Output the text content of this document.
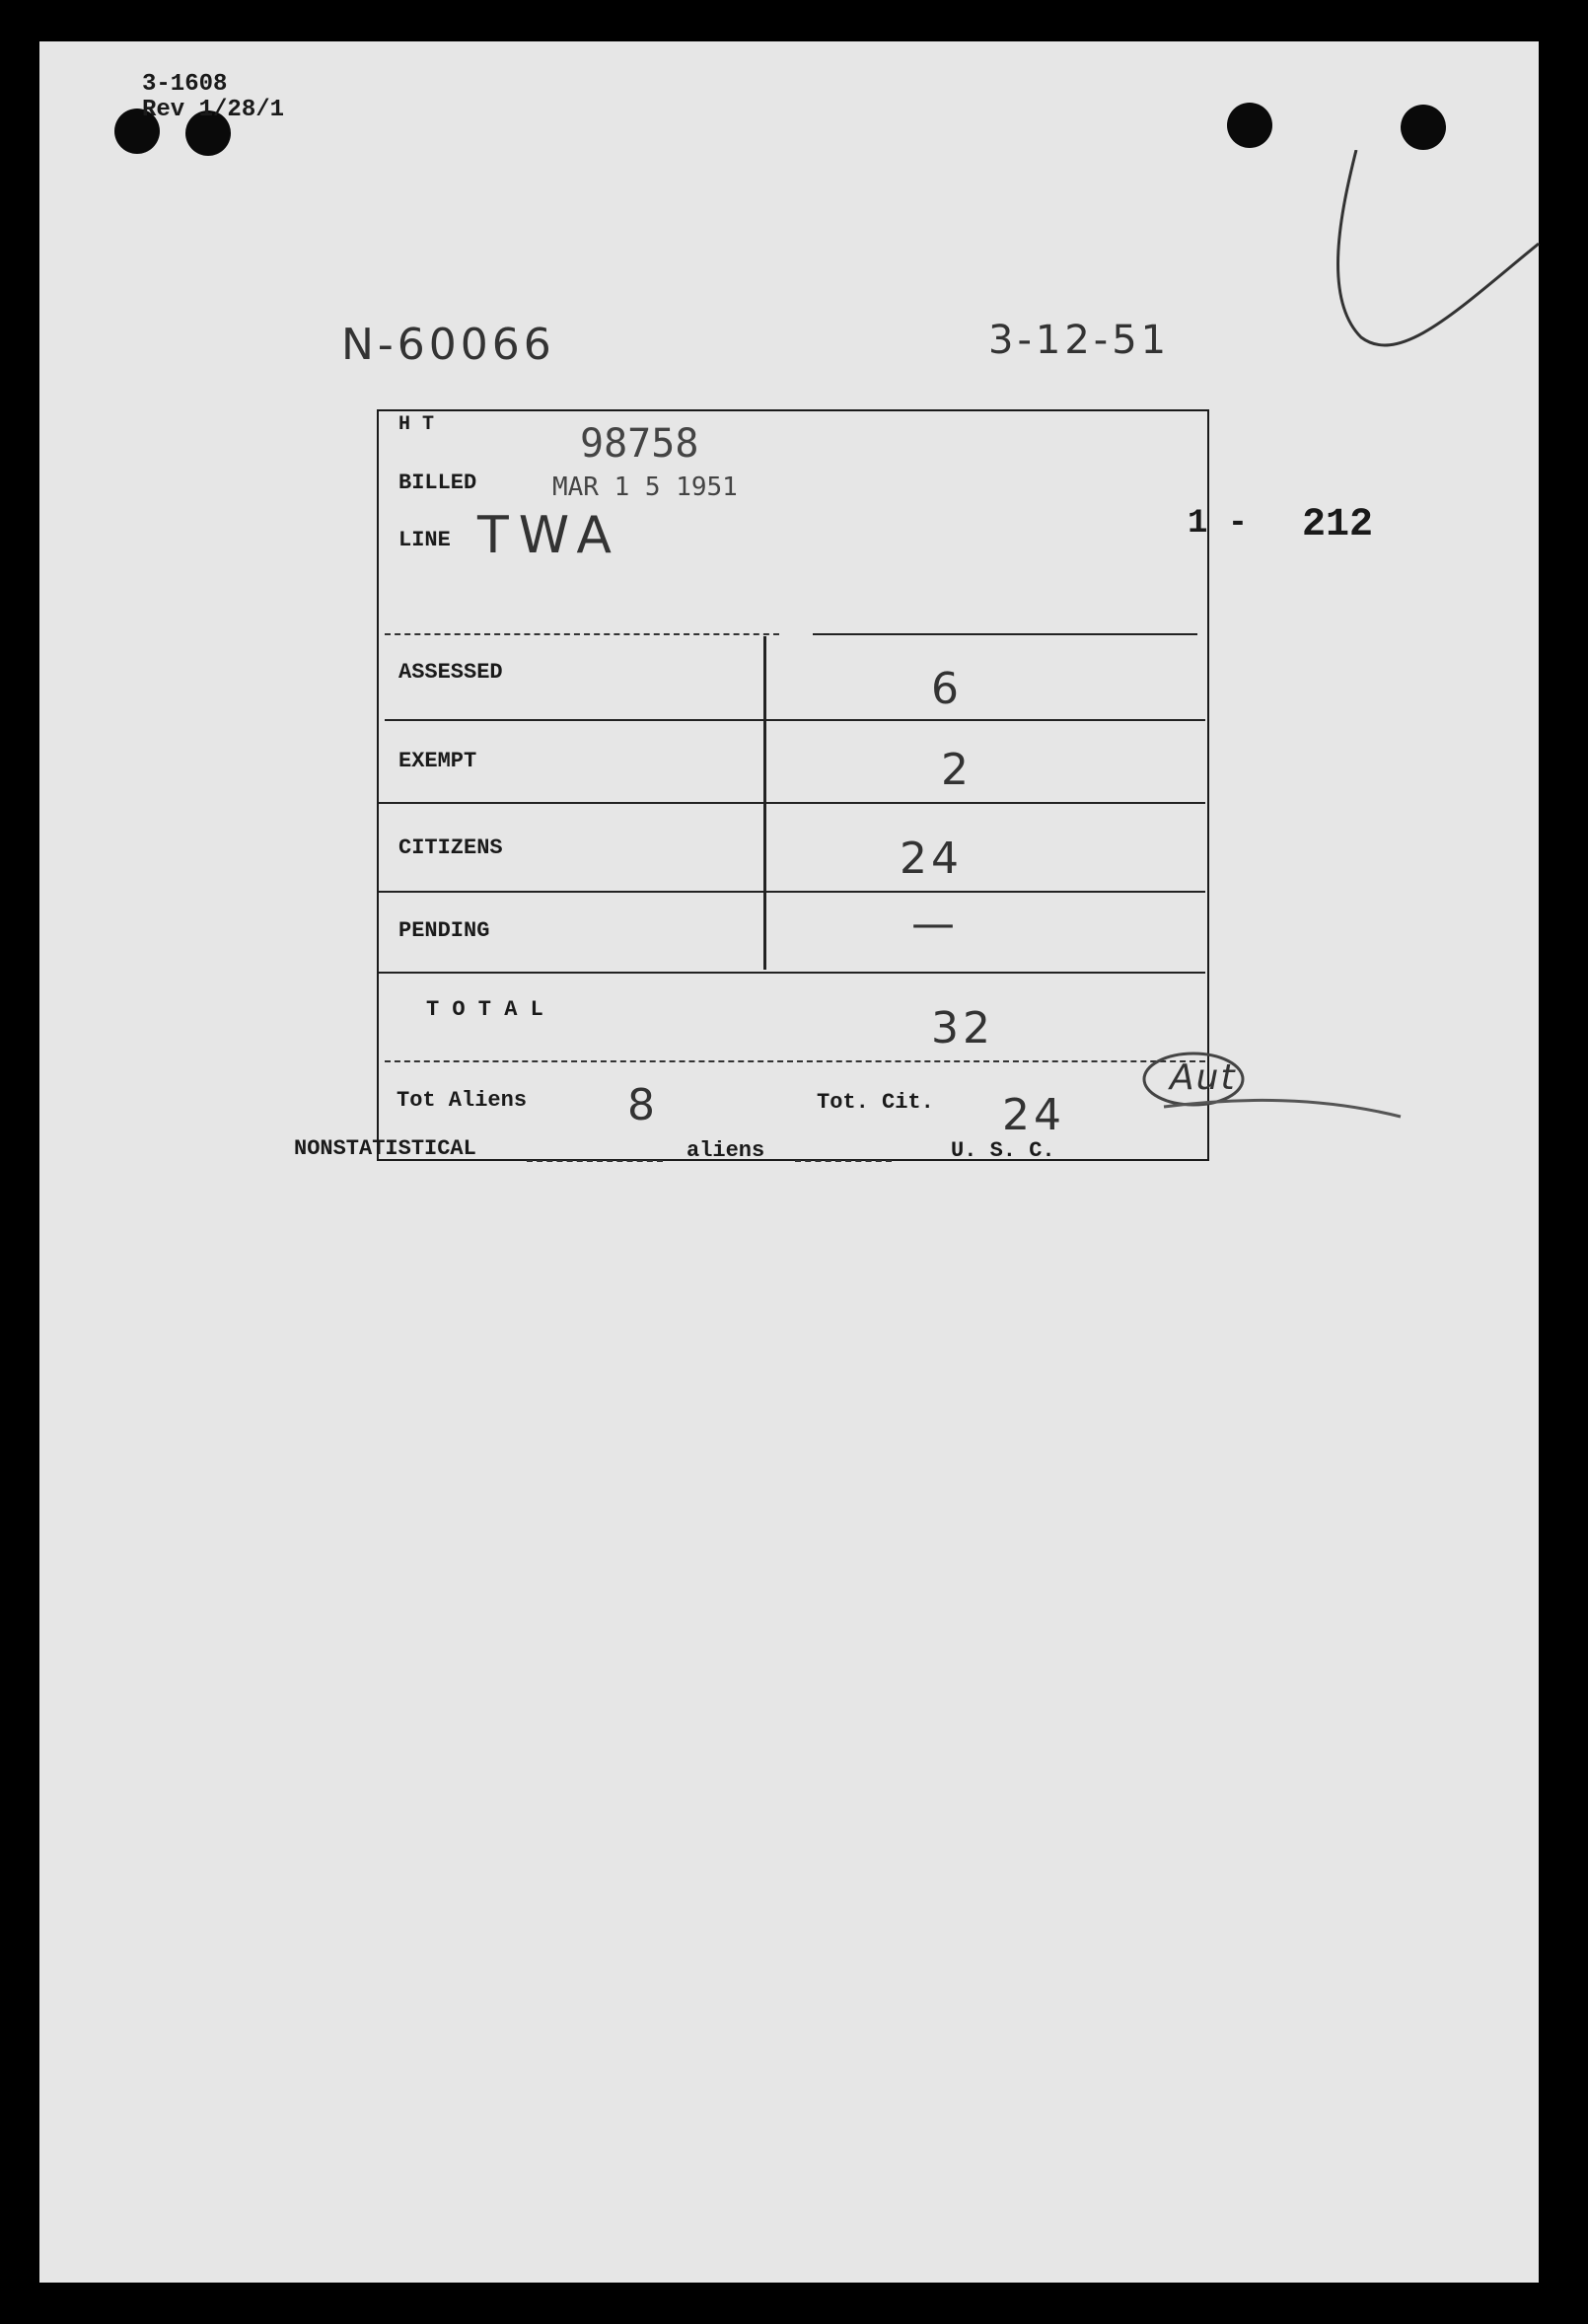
3-1608
Rev 1/28/1
N-60066	3-12-51
1 - 212
H T	98758
BILLED	MAR 1 5 1951
LINE TWA
ASSESSED	6
EXEMPT	2
CITIZENS	24
PENDING	—
T O T A L	32
Tot Aliens 8	Tot. Cit. 24
Aut
NONSTATISTICAL	aliens	U. S. C.
